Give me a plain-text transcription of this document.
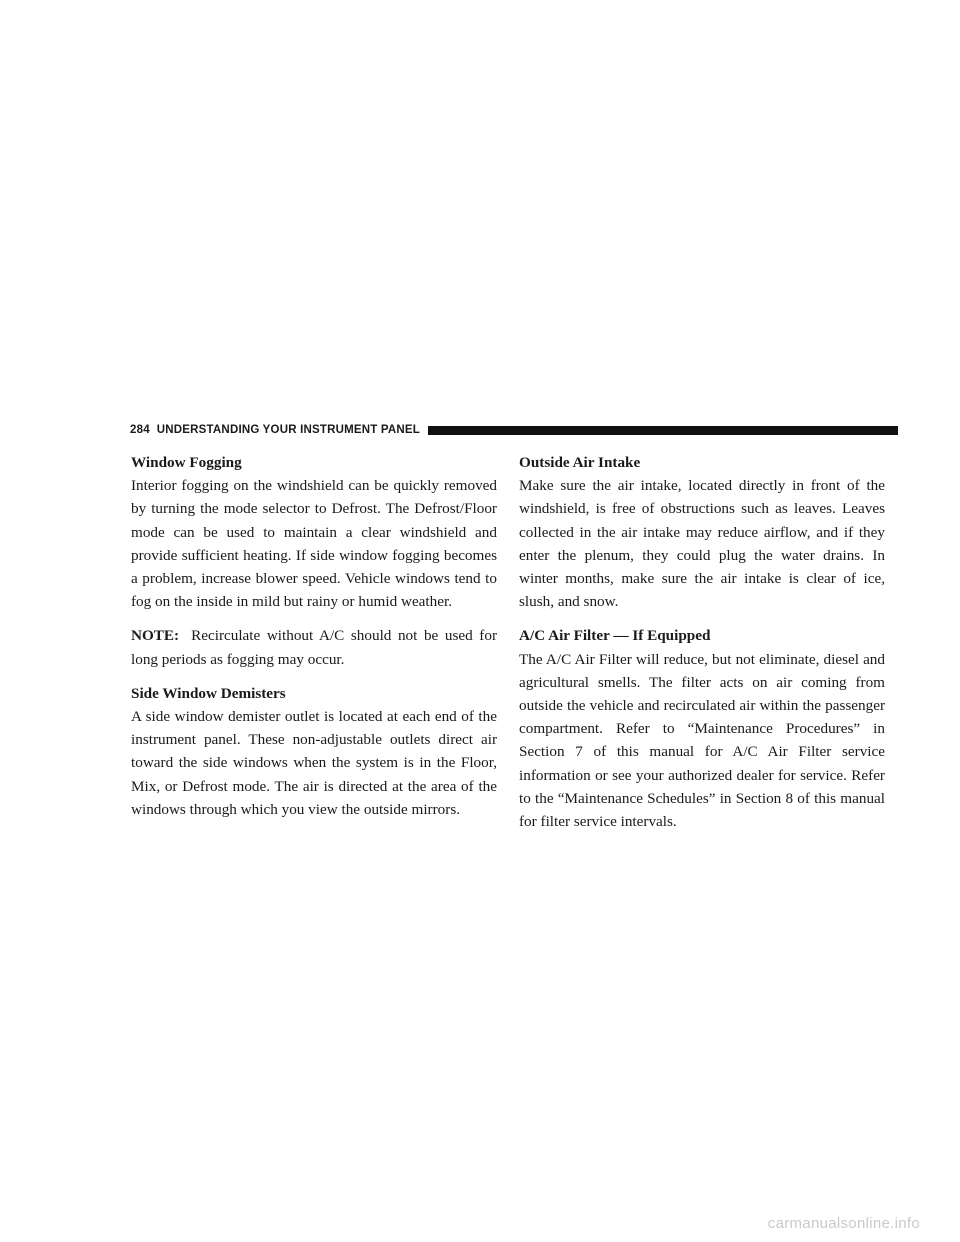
284 UNDERSTANDING YOUR INSTRUMENT PANEL
Window Fogging

Interior fogging on the windshield can be quickly removed by turning the mode selector to Defrost. The Defrost/Floor mode can be used to maintain a clear windshield and provide sufficient heating. If side window fogging becomes a problem, increase blower speed. Vehicle windows tend to fog on the inside in mild but rainy or humid weather.

NOTE: Recirculate without A/C should not be used for long periods as fogging may occur.

Side Window Demisters

A side window demister outlet is located at each end of the instrument panel. These non-adjustable outlets direct air toward the side windows when the system is in the Floor, Mix, or Defrost mode. The air is directed at the area of the windows through which you view the outside mirrors.

Outside Air Intake

Make sure the air intake, located directly in front of the windshield, is free of obstructions such as leaves. Leaves collected in the air intake may reduce airflow, and if they enter the plenum, they could plug the water drains. In winter months, make sure the air intake is clear of ice, slush, and snow.

A/C Air Filter — If Equipped

The A/C Air Filter will reduce, but not eliminate, diesel and agricultural smells. The filter acts on air coming from outside the vehicle and recirculated air within the passenger compartment. Refer to “Maintenance Procedures” in Section 7 of this manual for A/C Air Filter service information or see your authorized dealer for service. Refer to the “Maintenance Schedules” in Section 8 of this manual for filter service intervals.

carmanualsonline.info
